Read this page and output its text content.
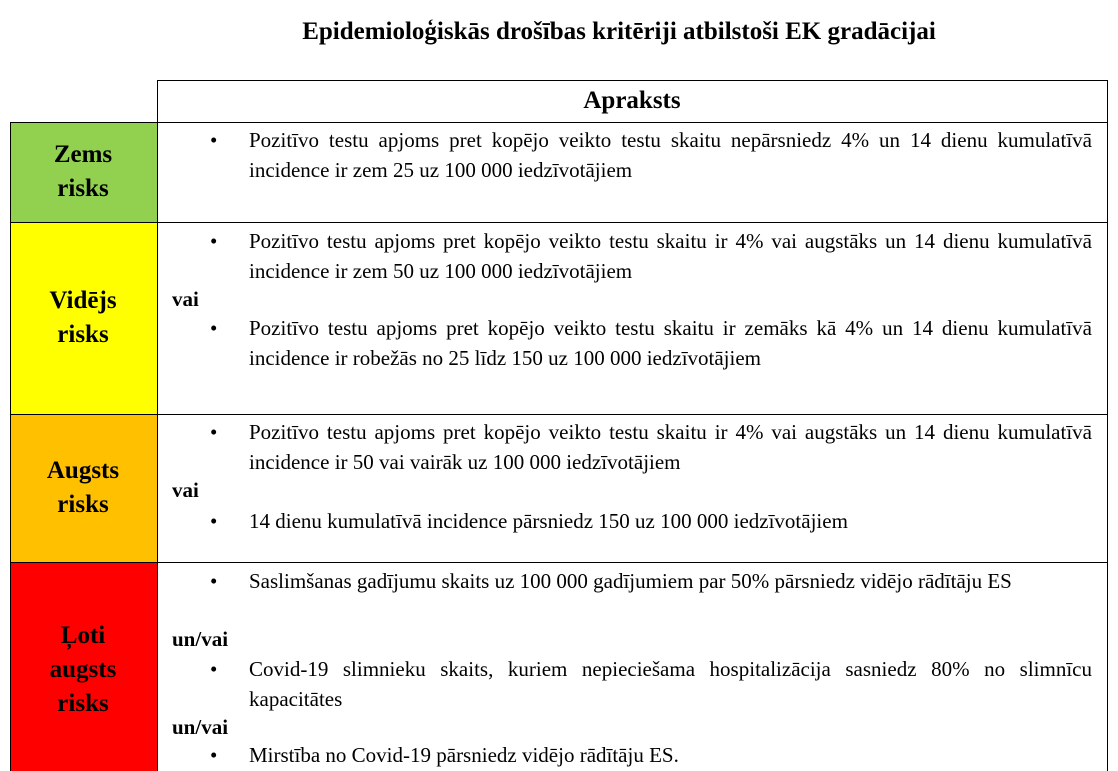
Epidemioloģiskās drošības kritēriji atbilstoši EK gradācijai
Apraksts
Zems
risks
Vidējs
risks
Augsts
risks
Ļoti
augsts
risks
• Pozitīvo testu apjoms pret kopējo veikto testu skaitu nepārsniedz 4% un 14 dienu kumulatīvā incidence ir zem 25 uz 100 000 iedzīvotājiem
• Pozitīvo testu apjoms pret kopējo veikto testu skaitu ir 4% vai augstāks un 14 dienu kumulatīvā incidence ir zem 50 uz 100 000 iedzīvotājiem
vai
• Pozitīvo testu apjoms pret kopējo veikto testu skaitu ir zemāks kā 4% un 14 dienu kumulatīvā incidence ir robežās no 25 līdz 150 uz 100 000 iedzīvotājiem
• Pozitīvo testu apjoms pret kopējo veikto testu skaitu ir 4% vai augstāks un 14 dienu kumulatīvā incidence ir 50 vai vairāk uz 100 000 iedzīvotājiem
vai
• 14 dienu kumulatīvā incidence pārsniedz 150 uz 100 000 iedzīvotājiem
• Saslimšanas gadījumu skaits uz 100 000 gadījumiem par 50% pārsniedz vidējo rādītāju ES
un/vai
• Covid-19 slimnieku skaits, kuriem nepieciešama hospitalizācija sasniedz 80% no slimnīcu kapacitātes
un/vai
• Mirstība no Covid-19 pārsniedz vidējo rādītāju ES.
